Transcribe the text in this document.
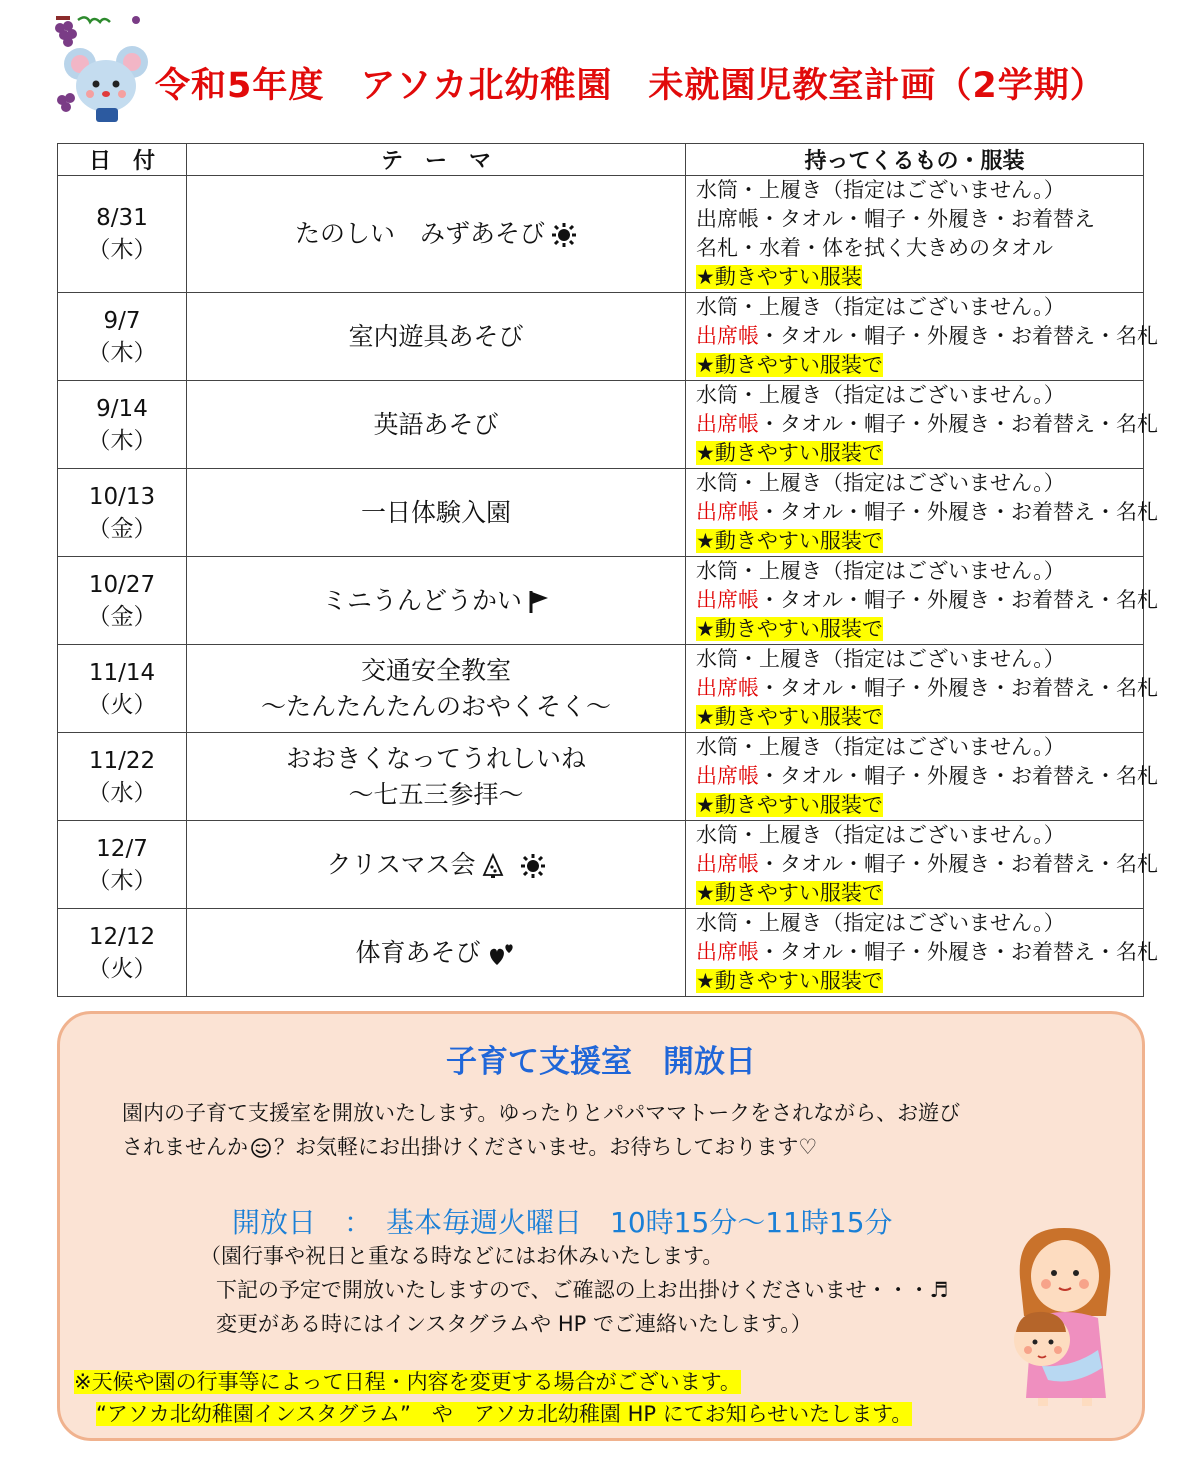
令和5年度　アソカ北幼稚園　未就園児教室計画（2学期）
日　付	テ　ー　マ	持ってくるもの・服装

8/31
（木）	たのしい　みずあそび	水筒・上履き（指定はございません。）
出席帳・タオル・帽子・外履き・お着替え
名札・水着・体を拭く大きめのタオル
★動きやすい服装

9/7
（木）	室内遊具あそび	水筒・上履き（指定はございません。）
出席帳・タオル・帽子・外履き・お着替え・名札
★動きやすい服装で

9/14
（木）	英語あそび	水筒・上履き（指定はございません。）
出席帳・タオル・帽子・外履き・お着替え・名札
★動きやすい服装で

10/13
（金）	一日体験入園	水筒・上履き（指定はございません。）
出席帳・タオル・帽子・外履き・お着替え・名札
★動きやすい服装で

10/27
（金）	ミニうんどうかい	水筒・上履き（指定はございません。）
出席帳・タオル・帽子・外履き・お着替え・名札
★動きやすい服装で

11/14
（火）	交通安全教室
～たんたんたんのおやくそく～	水筒・上履き（指定はございません。）
出席帳・タオル・帽子・外履き・お着替え・名札
★動きやすい服装で

11/22
（水）	おおきくなってうれしいね
～七五三参拝～	水筒・上履き（指定はございません。）
出席帳・タオル・帽子・外履き・お着替え・名札
★動きやすい服装で

12/7
（木）	クリスマス会	水筒・上履き（指定はございません。）
出席帳・タオル・帽子・外履き・お着替え・名札
★動きやすい服装で

12/12
（火）	体育あそび	水筒・上履き（指定はございません。）
出席帳・タオル・帽子・外履き・お着替え・名札
★動きやすい服装で
子育て支援室　開放日
園内の子育て支援室を開放いたします。ゆったりとパパママトークをされながら、お遊び
されませんか ？お気軽にお出掛けくださいませ。お待ちしております♡
開放日　：　基本毎週火曜日　10時15分～11時15分
（園行事や祝日と重なる時などにはお休みいたします。
下記の予定で開放いたしますので、ご確認の上お出掛けくださいませ・・・♬
変更がある時にはインスタグラムや HP でご連絡いたします。）
※天候や園の行事等によって日程・内容を変更する場合がございます。
“アソカ北幼稚園インスタグラム”　や　アソカ北幼稚園 HP にてお知らせいたします。
